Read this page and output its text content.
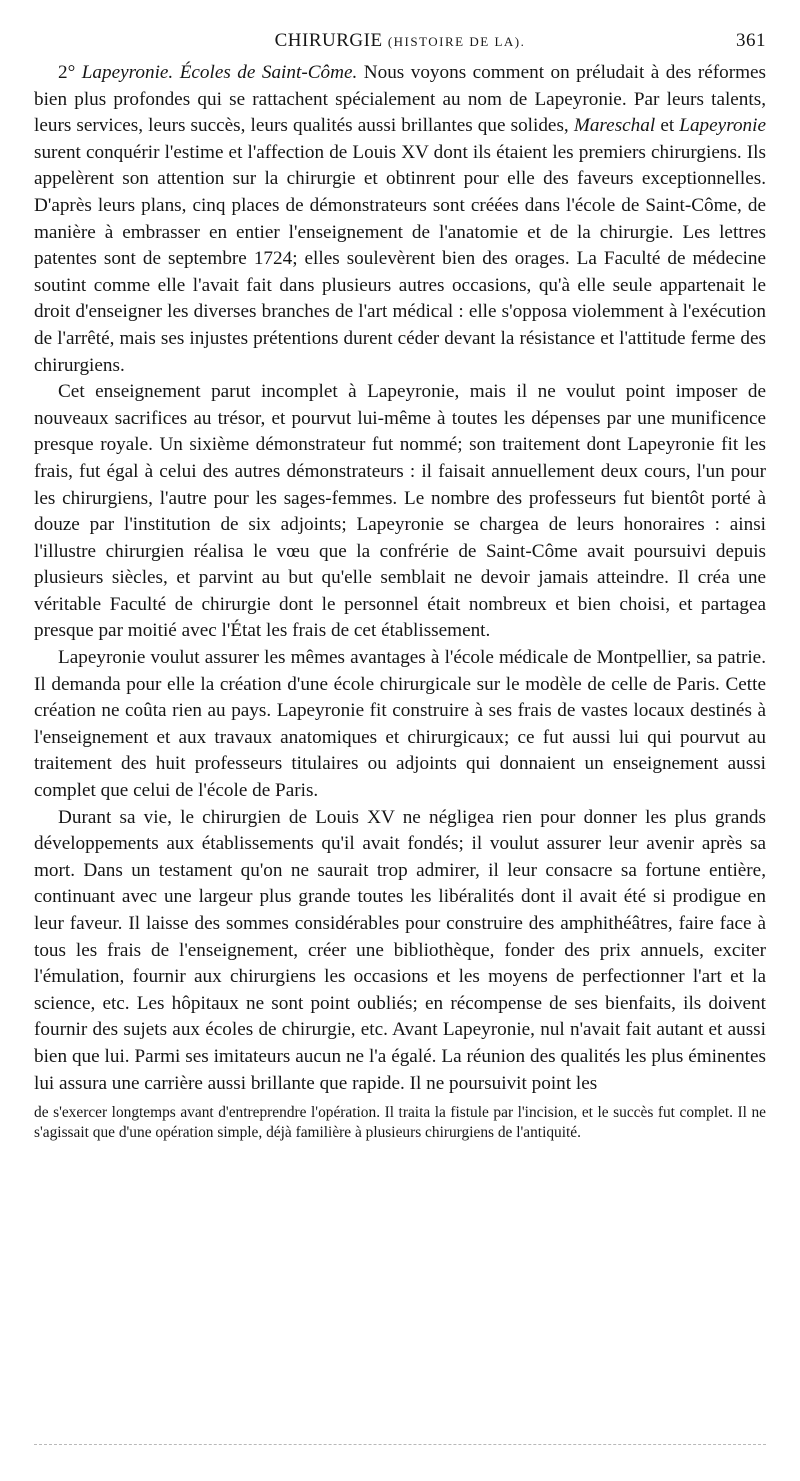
CHIRURGIE (HISTOIRE DE LA).	361

2° Lapeyronie. Écoles de Saint-Côme. Nous voyons comment on préludait à des réformes bien plus profondes qui se rattachent spécialement au nom de Lapeyronie. Par leurs talents, leurs services, leurs succès, leurs qualités aussi brillantes que solides, Mareschal et Lapeyronie surent conquérir l'estime et l'affection de Louis XV dont ils étaient les premiers chirurgiens. Ils appelèrent son attention sur la chirurgie et obtinrent pour elle des faveurs exceptionnelles. D'après leurs plans, cinq places de démonstrateurs sont créées dans l'école de Saint-Côme, de manière à embrasser en entier l'enseignement de l'anatomie et de la chirurgie. Les lettres patentes sont de septembre 1724; elles soulevèrent bien des orages. La Faculté de médecine soutint comme elle l'avait fait dans plusieurs autres occasions, qu'à elle seule appartenait le droit d'enseigner les diverses branches de l'art médical : elle s'opposa violemment à l'exécution de l'arrêté, mais ses injustes prétentions durent céder devant la résistance et l'attitude ferme des chirurgiens.

Cet enseignement parut incomplet à Lapeyronie, mais il ne voulut point imposer de nouveaux sacrifices au trésor, et pourvut lui-même à toutes les dépenses par une munificence presque royale. Un sixième démonstrateur fut nommé; son traitement dont Lapeyronie fit les frais, fut égal à celui des autres démonstrateurs : il faisait annuellement deux cours, l'un pour les chirurgiens, l'autre pour les sages-femmes. Le nombre des professeurs fut bientôt porté à douze par l'institution de six adjoints; Lapeyronie se chargea de leurs honoraires : ainsi l'illustre chirurgien réalisa le vœu que la confrérie de Saint-Côme avait poursuivi depuis plusieurs siècles, et parvint au but qu'elle semblait ne devoir jamais atteindre. Il créa une véritable Faculté de chirurgie dont le personnel était nombreux et bien choisi, et partagea presque par moitié avec l'État les frais de cet établissement.

Lapeyronie voulut assurer les mêmes avantages à l'école médicale de Montpellier, sa patrie. Il demanda pour elle la création d'une école chirurgicale sur le modèle de celle de Paris. Cette création ne coûta rien au pays. Lapeyronie fit construire à ses frais de vastes locaux destinés à l'enseignement et aux travaux anatomiques et chirurgicaux; ce fut aussi lui qui pourvut au traitement des huit professeurs titulaires ou adjoints qui donnaient un enseignement aussi complet que celui de l'école de Paris.

Durant sa vie, le chirurgien de Louis XV ne négligea rien pour donner les plus grands développements aux établissements qu'il avait fondés; il voulut assurer leur avenir après sa mort. Dans un testament qu'on ne saurait trop admirer, il leur consacre sa fortune entière, continuant avec une largeur plus grande toutes les libéralités dont il avait été si prodigue en leur faveur. Il laisse des sommes considérables pour construire des amphithéâtres, faire face à tous les frais de l'enseignement, créer une bibliothèque, fonder des prix annuels, exciter l'émulation, fournir aux chirurgiens les occasions et les moyens de perfectionner l'art et la science, etc. Les hôpitaux ne sont point oubliés; en récompense de ses bienfaits, ils doivent fournir des sujets aux écoles de chirurgie, etc. Avant Lapeyronie, nul n'avait fait autant et aussi bien que lui. Parmi ses imitateurs aucun ne l'a égalé. La réunion des qualités les plus éminentes lui assura une carrière aussi brillante que rapide. Il ne poursuivit point les

de s'exercer longtemps avant d'entreprendre l'opération. Il traita la fistule par l'incision, et le succès fut complet. Il ne s'agissait que d'une opération simple, déjà familière à plusieurs chirurgiens de l'antiquité.
